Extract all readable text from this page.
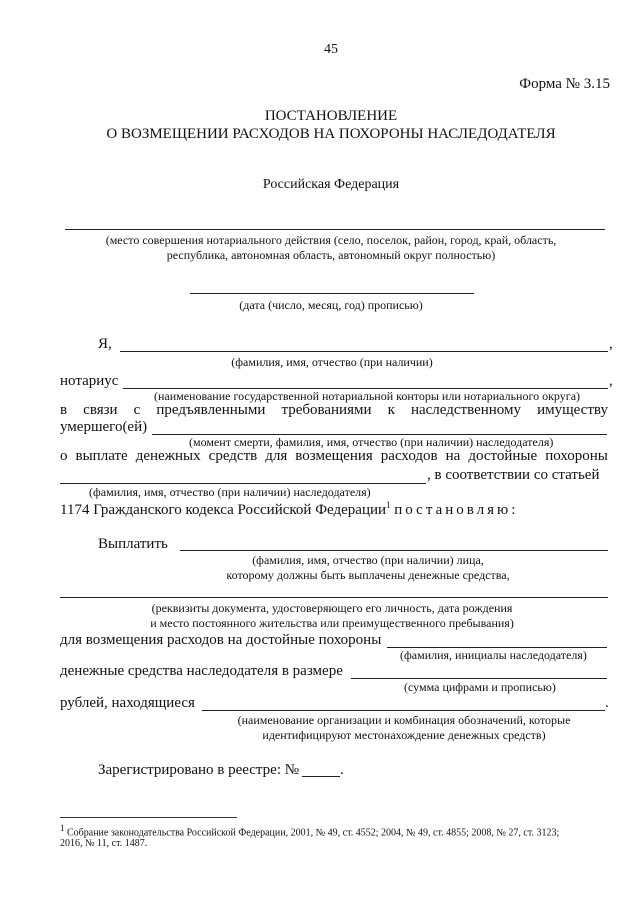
45
Форма № 3.15
ПОСТАНОВЛЕНИЕ
О ВОЗМЕЩЕНИИ РАСХОДОВ НА ПОХОРОНЫ НАСЛЕДОДАТЕЛЯ
Российская Федерация
(место совершения нотариального действия (село, поселок, район, город, край, область,
республика, автономная область, автономный округ полностью)
(дата (число, месяц, год) прописью)
Я,	,
(фамилия, имя, отчество (при наличии)
нотариус	,
(наименование государственной нотариальной конторы или нотариального округа)
в связи с предъявленными требованиями к наследственному имуществу
умершего(ей)
(момент смерти, фамилия, имя, отчество (при наличии) наследодателя)
о выплате денежных средств для возмещения расходов на достойные похороны
, в соответствии со статьей
(фамилия, имя, отчество (при наличии) наследодателя)
1174 Гражданского кодекса Российской Федерации$^1$ постановляю:
Выплатить
(фамилия, имя, отчество (при наличии) лица,
которому должны быть выплачены денежные средства,
(реквизиты документа, удостоверяющего его личность, дата рождения
и место постоянного жительства или преимущественного пребывания)
для возмещения расходов на достойные похороны
(фамилия, инициалы наследодателя)
денежные средства наследодателя в размере
(сумма цифрами и прописью)
рублей, находящиеся	.
(наименование организации и комбинация обозначений, которые
идентифицируют местонахождение денежных средств)
Зарегистрировано в реестре: №	.
$^1$ Собрание законодательства Российской Федерации, 2001, № 49, ст. 4552; 2004, № 49, ст. 4855; 2008, № 27, ст. 3123;
2016, № 11, ст. 1487.
